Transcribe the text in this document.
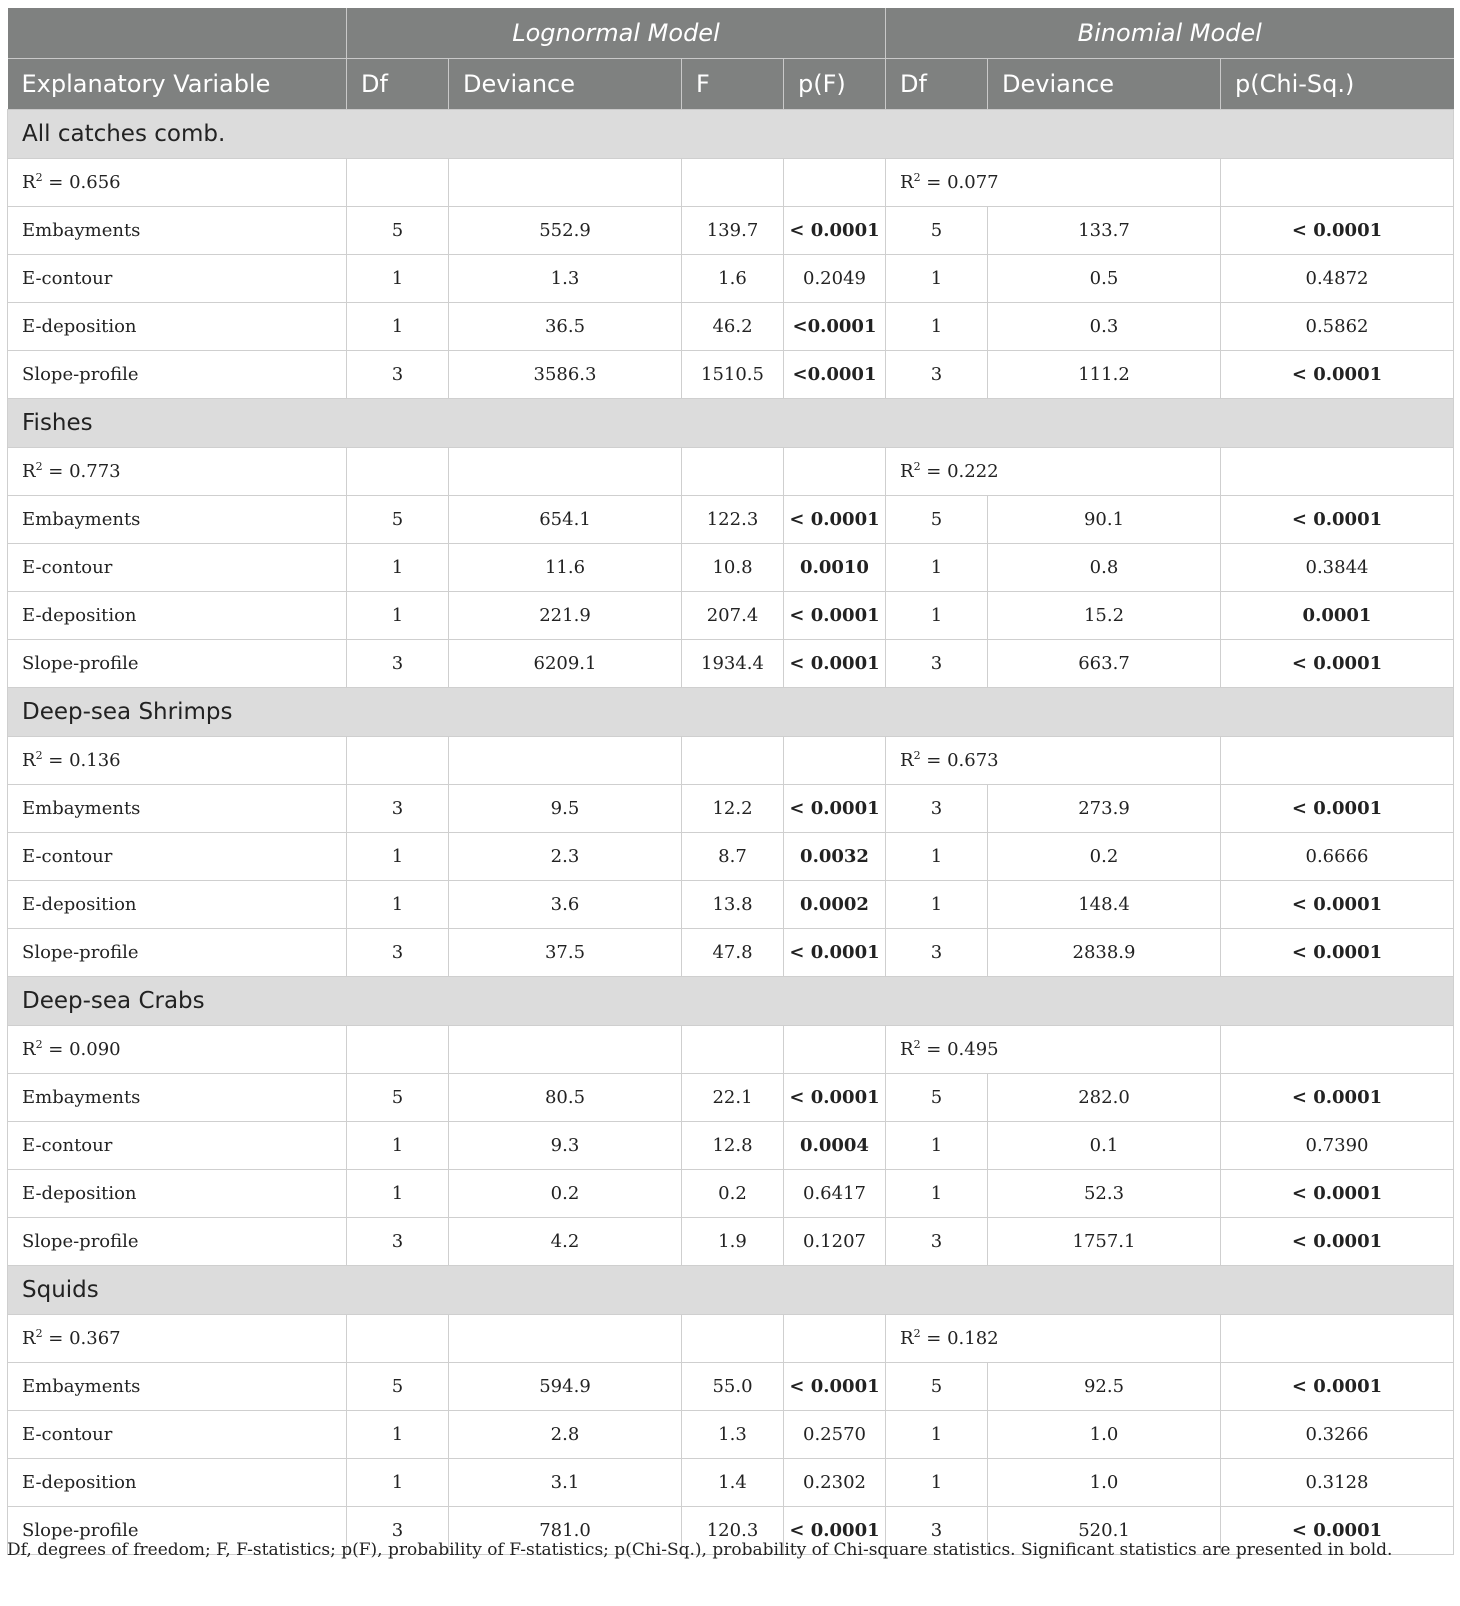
	Lognormal Model				Binomial Model		
Explanatory Variable	Df	Deviance	F	p(F)	Df	Deviance	p(Chi-Sq.)
All catches comb.							
$R^2 = 0.656$					$R^2 = 0.077$		
Embayments	5	552.9	139.7	< 0.0001	5	133.7	< 0.0001
E-contour	1	1.3	1.6	0.2049	1	0.5	0.4872
E-deposition	1	36.5	46.2	<0.0001	1	0.3	0.5862
Slope-profile	3	3586.3	1510.5	<0.0001	3	111.2	< 0.0001
Fishes							
$R^2 = 0.773$					$R^2 = 0.222$		
Embayments	5	654.1	122.3	< 0.0001	5	90.1	< 0.0001
E-contour	1	11.6	10.8	0.0010	1	0.8	0.3844
E-deposition	1	221.9	207.4	< 0.0001	1	15.2	0.0001
Slope-profile	3	6209.1	1934.4	< 0.0001	3	663.7	< 0.0001
Deep-sea Shrimps							
$R^2 = 0.136$					$R^2 = 0.673$		
Embayments	3	9.5	12.2	< 0.0001	3	273.9	< 0.0001
E-contour	1	2.3	8.7	0.0032	1	0.2	0.6666
E-deposition	1	3.6	13.8	0.0002	1	148.4	< 0.0001
Slope-profile	3	37.5	47.8	< 0.0001	3	2838.9	< 0.0001
Deep-sea Crabs							
$R^2 = 0.090$					$R^2 = 0.495$		
Embayments	5	80.5	22.1	< 0.0001	5	282.0	< 0.0001
E-contour	1	9.3	12.8	0.0004	1	0.1	0.7390
E-deposition	1	0.2	0.2	0.6417	1	52.3	< 0.0001
Slope-profile	3	4.2	1.9	0.1207	3	1757.1	< 0.0001
Squids							
$R^2 = 0.367$					$R^2 = 0.182$		
Embayments	5	594.9	55.0	< 0.0001	5	92.5	< 0.0001
E-contour	1	2.8	1.3	0.2570	1	1.0	0.3266
E-deposition	1	3.1	1.4	0.2302	1	1.0	0.3128
Slope-profile	3	781.0	120.3	< 0.0001	3	520.1	< 0.0001
Df, degrees of freedom; F, F-statistics; p(F), probability of F-statistics; p(Chi-Sq.), probability of Chi-square statistics. Significant statistics are presented in bold.
